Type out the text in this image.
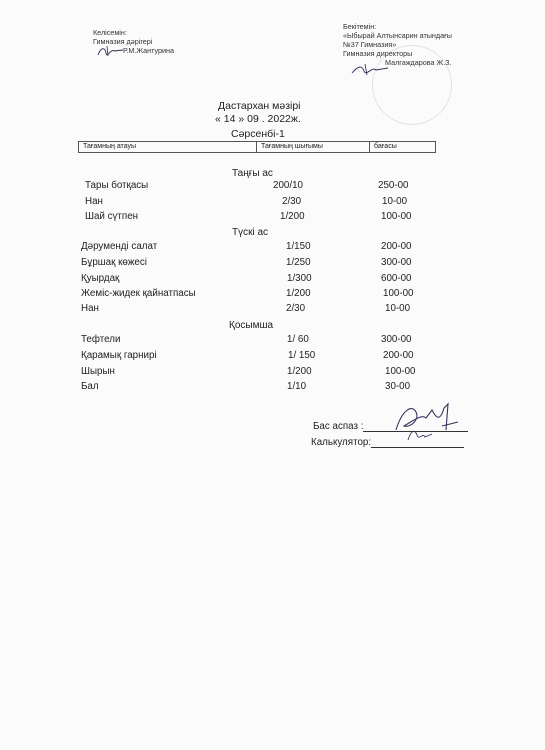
Келісемін:
Гимназия дәрігері
Р.М.Жантурина
Бекітемін:
«Ыбырай Алтынсарин атындағы
№37 Гимназия»
Гимназия директоры
Малгаждарова Ж.З.
Дастархан мәзірі
« 14 » 09 . 2022ж.
Сәрсенбі-1
Тағамның атауы	Тағамның шығымы	бағасы
Таңғы ас
Тары ботқасы	200/10	250-00
Нан	2/30	10-00
Шай сүтпен	1/200	100-00
Түскі ас
Дәрумендi салат	1/150	200-00
Бұршақ көжесі	1/250	300-00
Қуырдақ	1/300	600-00
Жеміс-жидек қайнатпасы	1/200	100-00
Нан	2/30	10-00
Қосымша
Тефтели	1/ 60	300-00
Қарамық гарнирі	1/ 150	200-00
Шырын	1/200	100-00
Бал	1/10	30-00
Бас аспаз :
Калькулятор:
